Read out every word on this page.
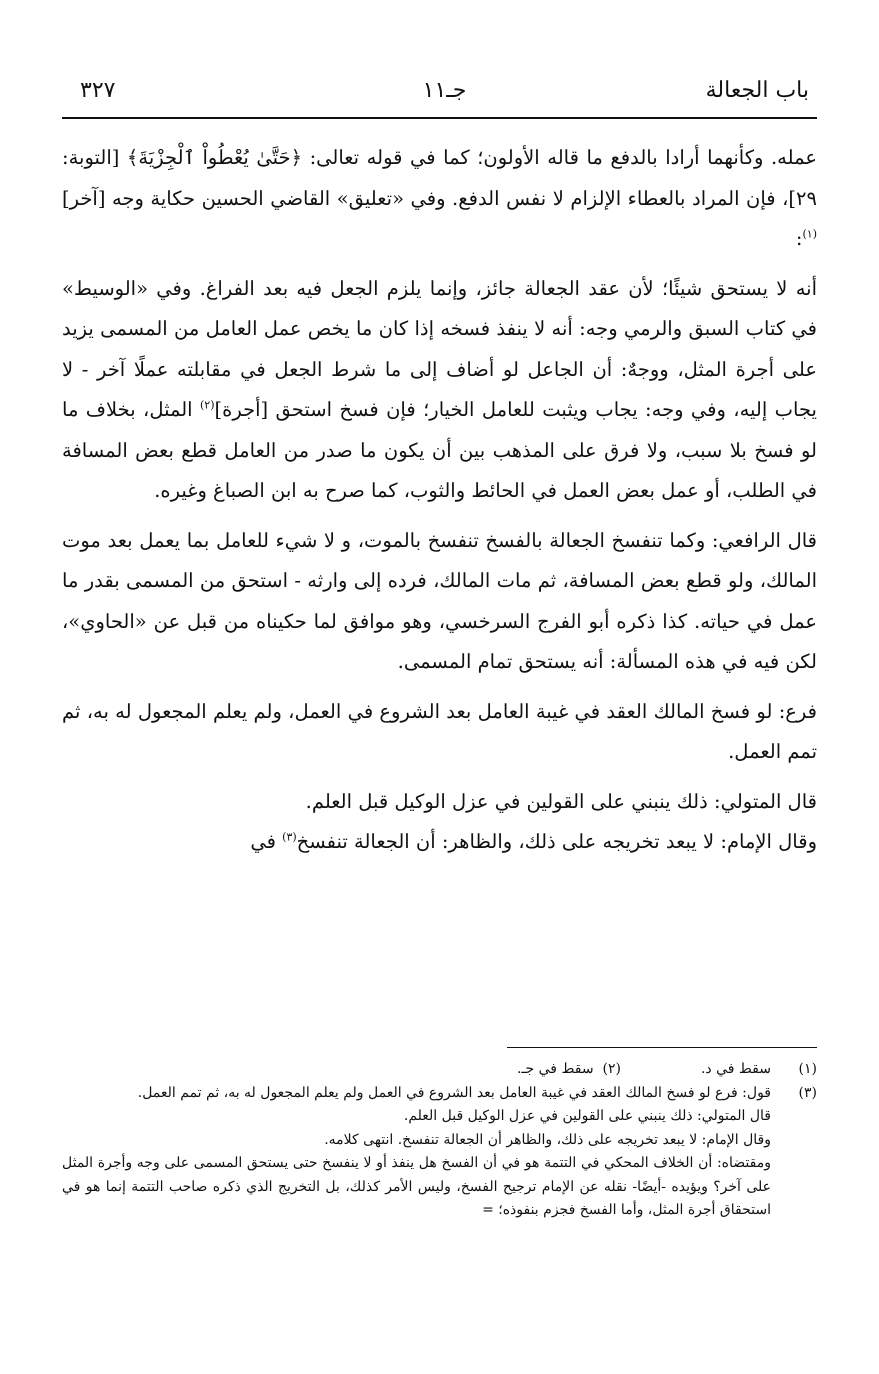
باب الجعالة
جـ١١
٣٢٧

عمله. وكأنهما أرادا بالدفع ما قاله الأولون؛ كما في قوله تعالى: ﴿حَتَّىٰ يُعْطُواْ ٱلْجِزْيَةَ﴾ [التوبة: ٢٩]، فإن المراد بالعطاء الإلزام لا نفس الدفع. وفي «تعليق» القاضي الحسين حكاية وجه [آخر]$^{(١)}$:

أنه لا يستحق شيئًا؛ لأن عقد الجعالة جائز، وإنما يلزم الجعل فيه بعد الفراغ. وفي «الوسيط» في كتاب السبق والرمي وجه: أنه لا ينفذ فسخه إذا كان ما يخص عمل العامل من المسمى يزيد على أجرة المثل، ووجهٌ: أن الجاعل لو أضاف إلى ما شرط الجعل في مقابلته عملًا آخر - لا يجاب إليه، وفي وجه: يجاب ويثبت للعامل الخيار؛ فإن فسخ استحق [أجرة]$^{(٢)}$ المثل، بخلاف ما لو فسخ بلا سبب، ولا فرق على المذهب بين أن يكون ما صدر من العامل قطع بعض المسافة في الطلب، أو عمل بعض العمل في الحائط والثوب، كما صرح به ابن الصباغ وغيره.

قال الرافعي: وكما تنفسخ الجعالة بالفسخ تنفسخ بالموت، و لا شيء للعامل بما يعمل بعد موت المالك، ولو قطع بعض المسافة، ثم مات المالك، فرده إلى وارثه - استحق من المسمى بقدر ما عمل في حياته. كذا ذكره أبو الفرج السرخسي، وهو موافق لما حكيناه من قبل عن «الحاوي»، لكن فيه في هذه المسألة: أنه يستحق تمام المسمى.

فرع: لو فسخ المالك العقد في غيبة العامل بعد الشروع في العمل، ولم يعلم المجعول له به، ثم تمم العمل.

قال المتولي: ذلك ينبني على القولين في عزل الوكيل قبل العلم.

وقال الإمام: لا يبعد تخريجه على ذلك، والظاهر: أن الجعالة تنفسخ$^{(٣)}$ في

(١)
سقط في د.(٢)  سقط في جـ.
(٣)
قول: فرع لو فسخ المالك العقد في غيبة العامل بعد الشروع في العمل ولم يعلم المجعول له به، ثم تمم العمل.
قال المتولي: ذلك ينبني على القولين في عزل الوكيل قبل العلم.
وقال الإمام: لا يبعد تخريجه على ذلك، والظاهر أن الجعالة تنفسخ. انتهى كلامه.
ومقتضاه: أن الخلاف المحكي في التتمة هو في أن الفسخ هل ينفذ أو لا ينفسخ حتى يستحق المسمى على وجه وأجرة المثل على آخر؟ ويؤيده -أيضًا- نقله عن الإمام ترجيح الفسخ، وليس الأمر كذلك، بل التخريج الذي ذكره صاحب التتمة إنما هو في استحقاق أجرة المثل، وأما الفسخ فجزم بنفوذه؛ =
